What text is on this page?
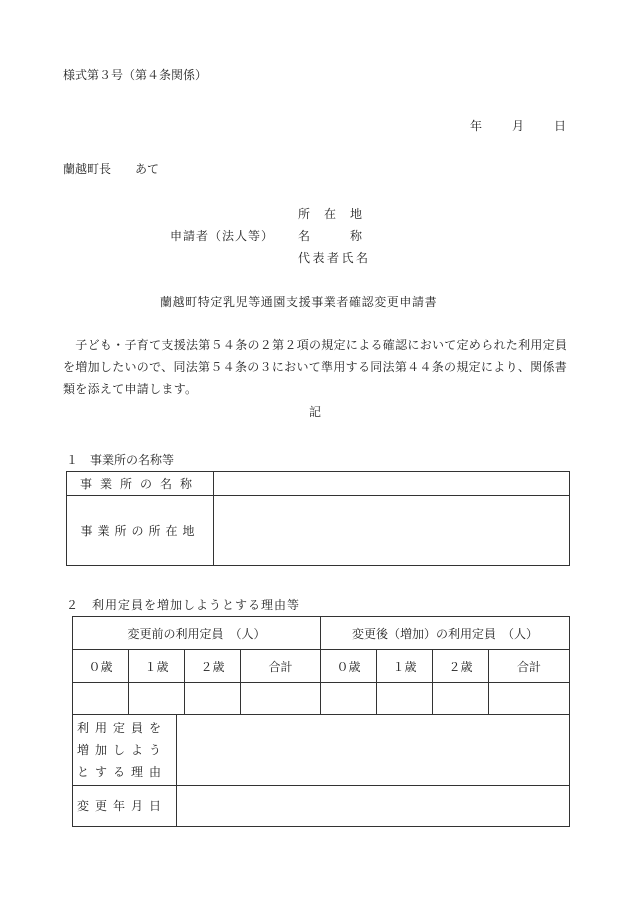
様式第３号（第４条関係）
年 月 日
蘭越町長　　あて
所　在　地
申請者（法人等） 名　　　称
代表者氏名
蘭越町特定乳児等通園支援事業者確認変更申請書
　子ども・子育て支援法第５４条の２第２項の規定による確認において定められた利用定員を増加したいので、同法第５４条の３において準用する同法第４４条の規定により、関係書類を添えて申請します。
記
１　事業所の名称等
事業所の名称	
事業所の所在地	
２　利用定員を増加しようとする理由等
変更前の利用定員　（人）				変更後（増加）の利用定員　（人）			
０歳	１歳	２歳	合計	０歳	１歳	２歳	合計

利用定員を増加しようとする理由	
変更年月日	
